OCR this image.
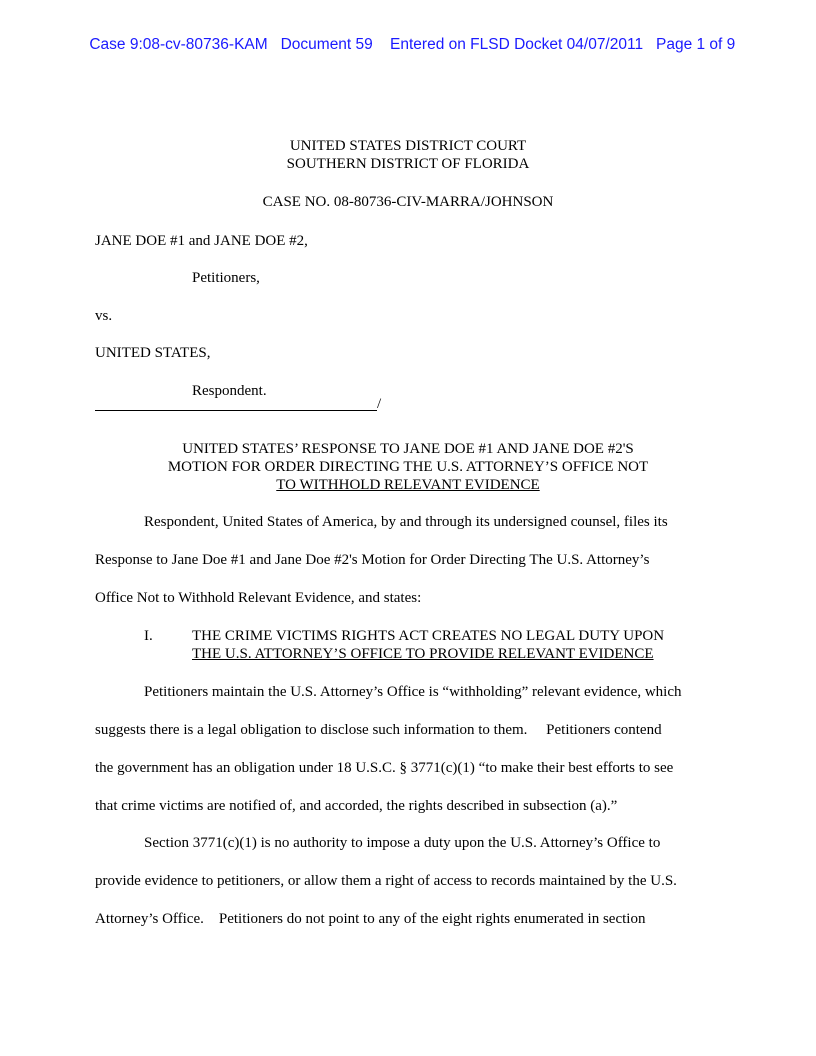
Case 9:08-cv-80736-KAM Document 59 Entered on FLSD Docket 04/07/2011 Page 1 of 9

UNITED STATES DISTRICT COURT
SOUTHERN DISTRICT OF FLORIDA
CASE NO. 08-80736-CIV-MARRA/JOHNSON
JANE DOE #1 and JANE DOE #2,
Petitioners,
vs.
UNITED STATES,
Respondent.
/
UNITED STATES’ RESPONSE TO JANE DOE #1 AND JANE DOE #2'S
MOTION FOR ORDER DIRECTING THE U.S. ATTORNEY’S OFFICE NOT
TO WITHHOLD RELEVANT EVIDENCE
Respondent, United States of America, by and through its undersigned counsel, files its
Response to Jane Doe #1 and Jane Doe #2's Motion for Order Directing The U.S. Attorney’s
Office Not to Withhold Relevant Evidence, and states:
I.	THE CRIME VICTIMS RIGHTS ACT CREATES NO LEGAL DUTY UPON
THE U.S. ATTORNEY’S OFFICE TO PROVIDE RELEVANT EVIDENCE
Petitioners maintain the U.S. Attorney’s Office is “withholding” relevant evidence, which
suggests there is a legal obligation to disclose such information to them.     Petitioners contend
the government has an obligation under 18 U.S.C. § 3771(c)(1) “to make their best efforts to see
that crime victims are notified of, and accorded, the rights described in subsection (a).”
Section 3771(c)(1) is no authority to impose a duty upon the U.S. Attorney’s Office to
provide evidence to petitioners, or allow them a right of access to records maintained by the U.S.
Attorney’s Office.    Petitioners do not point to any of the eight rights enumerated in section
